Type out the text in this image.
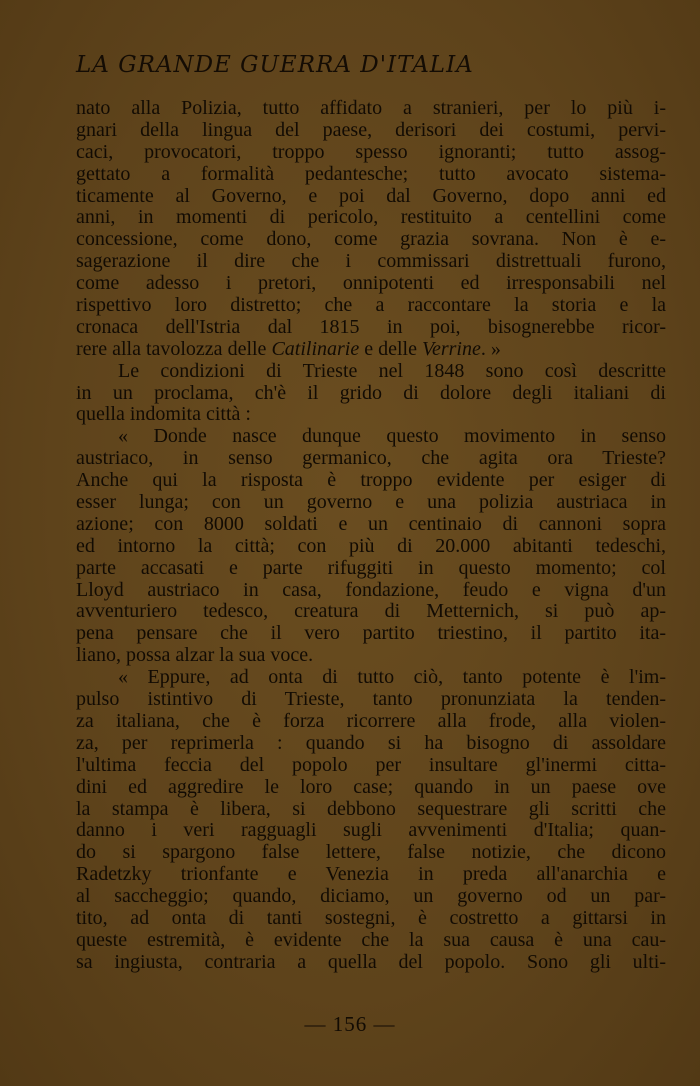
LA GRANDE GUERRA D'ITALIA
nato alla Polizia, tutto affidato a stranieri, per lo più i-
gnari della lingua del paese, derisori dei costumi, pervi-
caci, provocatori, troppo spesso ignoranti; tutto assog-
gettato a formalità pedantesche; tutto avocato sistema-
ticamente al Governo, e poi dal Governo, dopo anni ed
anni, in momenti di pericolo, restituito a centellini come
concessione, come dono, come grazia sovrana. Non è e-
sagerazione il dire che i commissari distrettuali furono,
come adesso i pretori, onnipotenti ed irresponsabili nel
rispettivo loro distretto; che a raccontare la storia e la
cronaca dell'Istria dal 1815 in poi, bisognerebbe ricor-
rere alla tavolozza delle Catilinarie e delle Verrine. »
Le condizioni di Trieste nel 1848 sono così descritte
in un proclama, ch'è il grido di dolore degli italiani di
quella indomita città :
« Donde nasce dunque questo movimento in senso
austriaco, in senso germanico, che agita ora Trieste?
Anche qui la risposta è troppo evidente per esiger di
esser lunga; con un governo e una polizia austriaca in
azione; con 8000 soldati e un centinaio di cannoni sopra
ed intorno la città; con più di 20.000 abitanti tedeschi,
parte accasati e parte rifuggiti in questo momento; col
Lloyd austriaco in casa, fondazione, feudo e vigna d'un
avventuriero tedesco, creatura di Metternich, si può ap-
pena pensare che il vero partito triestino, il partito ita-
liano, possa alzar la sua voce.
« Eppure, ad onta di tutto ciò, tanto potente è l'im-
pulso istintivo di Trieste, tanto pronunziata la tenden-
za italiana, che è forza ricorrere alla frode, alla violen-
za, per reprimerla : quando si ha bisogno di assoldare
l'ultima feccia del popolo per insultare gl'inermi citta-
dini ed aggredire le loro case; quando in un paese ove
la stampa è libera, si debbono sequestrare gli scritti che
danno i veri ragguagli sugli avvenimenti d'Italia; quan-
do si spargono false lettere, false notizie, che dicono
Radetzky trionfante e Venezia in preda all'anarchia e
al saccheggio; quando, diciamo, un governo od un par-
tito, ad onta di tanti sostegni, è costretto a gittarsi in
queste estremità, è evidente che la sua causa è una cau-
sa ingiusta, contraria a quella del popolo. Sono gli ulti-
— 156 —
